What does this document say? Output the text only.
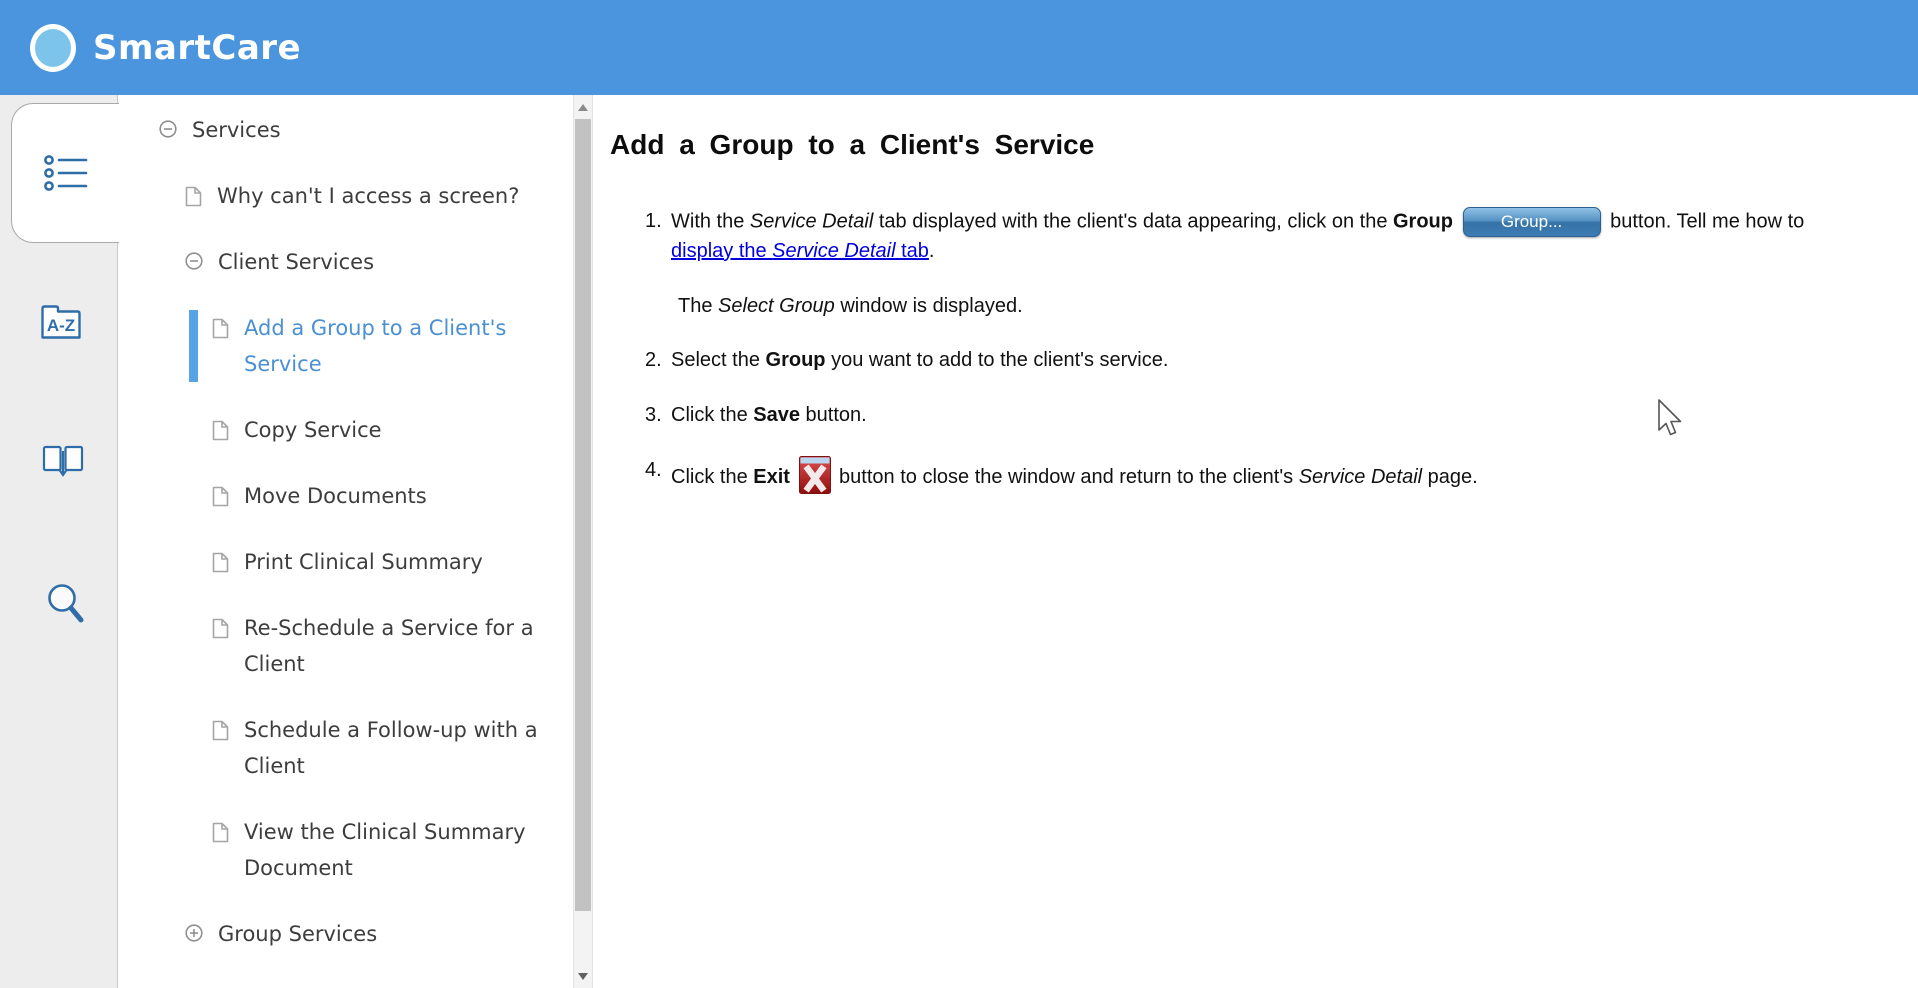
SmartCare
A-Z
Services
Why can't I access a screen?
Client Services
Add a Group to a Client's Service
Copy Service
Move Documents
Print Clinical Summary
Re-Schedule a Service for a Client
Schedule a Follow-up with a Client
View the Clinical Summary Document
Group Services
Add a Group to a Client's Service
1. With the Service Detail tab displayed with the client's data appearing, click on the Group	Group... button. Tell me how to
display the Service Detail tab.
The Select Group window is displayed.
2. Select the Group you want to add to the client's service.
3. Click the Save button.
4. Click the Exit  button to close the window and return to the client's Service Detail page.
